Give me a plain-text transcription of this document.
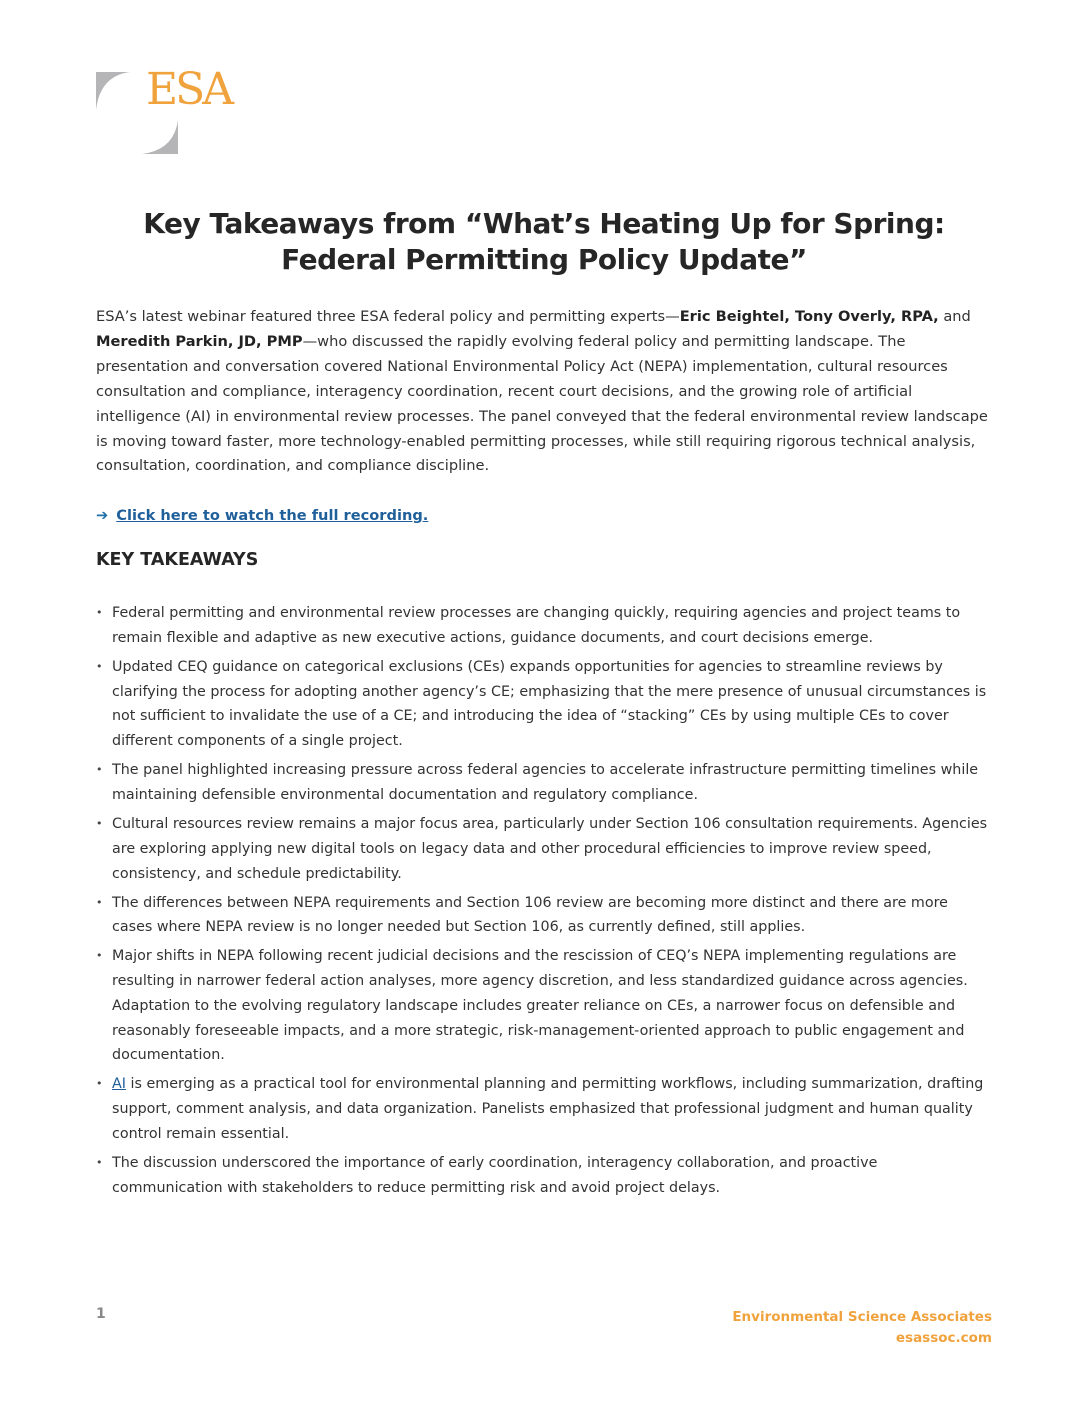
ESA
Key Takeaways from “What’s Heating Up for Spring: Federal Permitting Policy Update”

ESA’s latest webinar featured three ESA federal policy and permitting experts—Eric Beightel, Tony Overly, RPA, and Meredith Parkin, JD, PMP—who discussed the rapidly evolving federal policy and permitting landscape. The presentation and conversation covered National Environmental Policy Act (NEPA) implementation, cultural resources consultation and compliance, interagency coordination, recent court decisions, and the growing role of artificial intelligence (AI) in environmental review processes. The panel conveyed that the federal environmental review landscape is moving toward faster, more technology-enabled permitting processes, while still requiring rigorous technical analysis, consultation, coordination, and compliance discipline.

➔ Click here to watch the full recording.
KEY TAKEAWAYS
• Federal permitting and environmental review processes are changing quickly, requiring agencies and project teams to remain flexible and adaptive as new executive actions, guidance documents, and court decisions emerge.
• Updated CEQ guidance on categorical exclusions (CEs) expands opportunities for agencies to streamline reviews by clarifying the process for adopting another agency’s CE; emphasizing that the mere presence of unusual circumstances is not sufficient to invalidate the use of a CE; and introducing the idea of “stacking” CEs by using multiple CEs to cover different components of a single project.
• The panel highlighted increasing pressure across federal agencies to accelerate infrastructure permitting timelines while maintaining defensible environmental documentation and regulatory compliance.
• Cultural resources review remains a major focus area, particularly under Section 106 consultation requirements. Agencies are exploring applying new digital tools on legacy data and other procedural efficiencies to improve review speed, consistency, and schedule predictability.
• The differences between NEPA requirements and Section 106 review are becoming more distinct and there are more cases where NEPA review is no longer needed but Section 106, as currently defined, still applies.
• Major shifts in NEPA following recent judicial decisions and the rescission of CEQ’s NEPA implementing regulations are resulting in narrower federal action analyses, more agency discretion, and less standardized guidance across agencies. Adaptation to the evolving regulatory landscape includes greater reliance on CEs, a narrower focus on defensible and reasonably foreseeable impacts, and a more strategic, risk-management-oriented approach to public engagement and documentation.
• AI is emerging as a practical tool for environmental planning and permitting workflows, including summarization, drafting support, comment analysis, and data organization. Panelists emphasized that professional judgment and human quality control remain essential.
• The discussion underscored the importance of early coordination, interagency collaboration, and proactive communication with stakeholders to reduce permitting risk and avoid project delays.
1	Environmental Science Associates
esassoc.com
